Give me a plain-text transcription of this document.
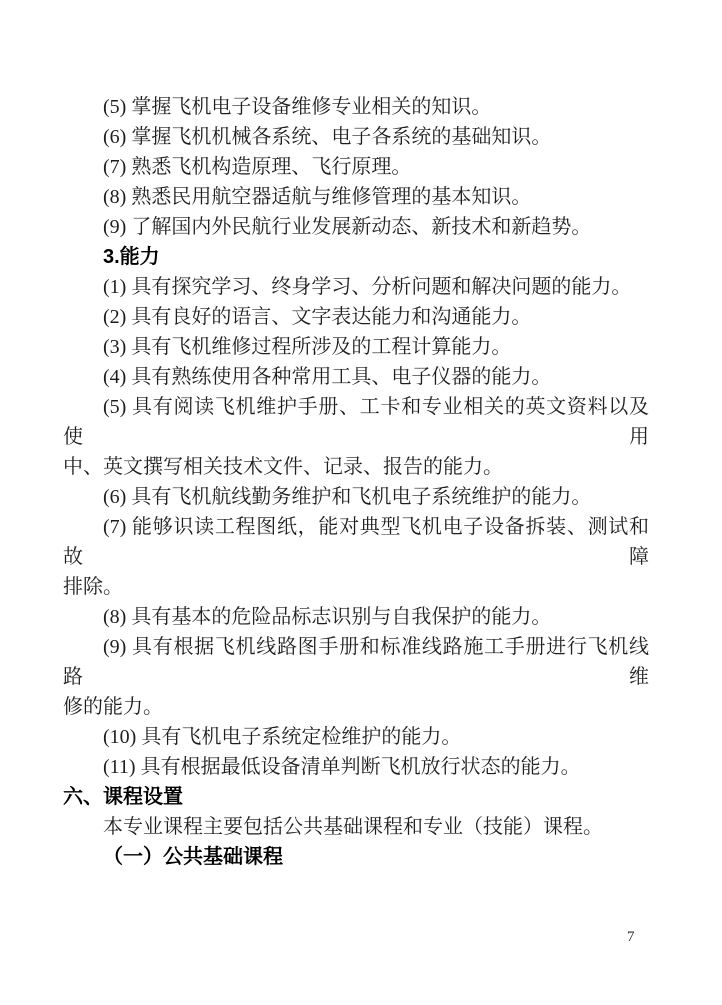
(5) 掌握飞机电子设备维修专业相关的知识。
(6) 掌握飞机机械各系统、电子各系统的基础知识。
(7) 熟悉飞机构造原理、飞行原理。
(8) 熟悉民用航空器适航与维修管理的基本知识。
(9) 了解国内外民航行业发展新动态、新技术和新趋势。
3.能力
(1) 具有探究学习、终身学习、分析问题和解决问题的能力。
(2) 具有良好的语言、文字表达能力和沟通能力。
(3) 具有飞机维修过程所涉及的工程计算能力。
(4) 具有熟练使用各种常用工具、电子仪器的能力。
(5) 具有阅读飞机维护手册、工卡和专业相关的英文资料以及使用
中、英文撰写相关技术文件、记录、报告的能力。
(6) 具有飞机航线勤务维护和飞机电子系统维护的能力。
(7) 能够识读工程图纸，能对典型飞机电子设备拆装、测试和故障
排除。
(8) 具有基本的危险品标志识别与自我保护的能力。
(9) 具有根据飞机线路图手册和标准线路施工手册进行飞机线路维
修的能力。
(10) 具有飞机电子系统定检维护的能力。
(11) 具有根据最低设备清单判断飞机放行状态的能力。
六、课程设置
本专业课程主要包括公共基础课程和专业（技能）课程。
（一）公共基础课程
7
